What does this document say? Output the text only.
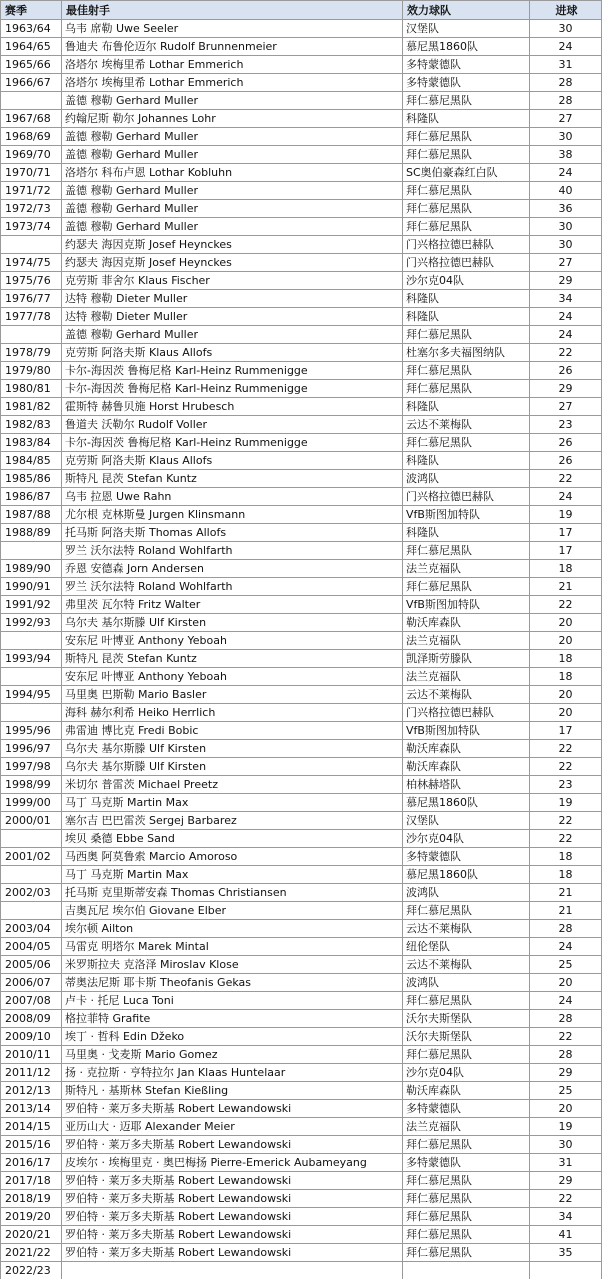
赛季	最佳射手	效力球队	进球
1963/64	乌韦 席勒 Uwe Seeler	汉堡队	30
1964/65	鲁迪夫 布鲁伦迈尔 Rudolf Brunnenmeier	慕尼黑1860队	24
1965/66	洛塔尔 埃梅里希 Lothar Emmerich	多特蒙德队	31
1966/67	洛塔尔 埃梅里希 Lothar Emmerich	多特蒙德队	28
	盖德 穆勒 Gerhard Muller	拜仁慕尼黑队	28
1967/68	约翰尼斯 勒尔 Johannes Lohr	科隆队	27
1968/69	盖德 穆勒 Gerhard Muller	拜仁慕尼黑队	30
1969/70	盖德 穆勒 Gerhard Muller	拜仁慕尼黑队	38
1970/71	洛塔尔 科布卢恩 Lothar Kobluhn	SC奥伯豪森红白队	24
1971/72	盖德 穆勒 Gerhard Muller	拜仁慕尼黑队	40
1972/73	盖德 穆勒 Gerhard Muller	拜仁慕尼黑队	36
1973/74	盖德 穆勒 Gerhard Muller	拜仁慕尼黑队	30
	约瑟夫 海因克斯 Josef Heynckes	门兴格拉德巴赫队	30
1974/75	约瑟夫 海因克斯 Josef Heynckes	门兴格拉德巴赫队	27
1975/76	克劳斯 菲舍尔 Klaus Fischer	沙尔克04队	29
1976/77	达特 穆勒 Dieter Muller	科隆队	34
1977/78	达特 穆勒 Dieter Muller	科隆队	24
	盖德 穆勒 Gerhard Muller	拜仁慕尼黑队	24
1978/79	克劳斯 阿洛夫斯 Klaus Allofs	杜塞尔多夫福图纳队	22
1979/80	卡尔-海因茨 鲁梅尼格 Karl-Heinz Rummenigge	拜仁慕尼黑队	26
1980/81	卡尔-海因茨 鲁梅尼格 Karl-Heinz Rummenigge	拜仁慕尼黑队	29
1981/82	霍斯特 赫鲁贝施 Horst Hrubesch	科隆队	27
1982/83	鲁道夫 沃勒尔 Rudolf Voller	云达不莱梅队	23
1983/84	卡尔-海因茨 鲁梅尼格 Karl-Heinz Rummenigge	拜仁慕尼黑队	26
1984/85	克劳斯 阿洛夫斯 Klaus Allofs	科隆队	26
1985/86	斯特凡 昆茨 Stefan Kuntz	波鸿队	22
1986/87	乌韦 拉恩 Uwe Rahn	门兴格拉德巴赫队	24
1987/88	尤尔根 克林斯曼 Jurgen Klinsmann	VfB斯图加特队	19
1988/89	托马斯 阿洛夫斯 Thomas Allofs	科隆队	17
	罗兰 沃尔法特 Roland Wohlfarth	拜仁慕尼黑队	17
1989/90	乔恩 安德森 Jorn Andersen	法兰克福队	18
1990/91	罗兰 沃尔法特 Roland Wohlfarth	拜仁慕尼黑队	21
1991/92	弗里茨 瓦尔特 Fritz Walter	VfB斯图加特队	22
1992/93	乌尔夫 基尔斯滕 Ulf Kirsten	勒沃库森队	20
	安东尼 叶博亚 Anthony Yeboah	法兰克福队	20
1993/94	斯特凡 昆茨 Stefan Kuntz	凯泽斯劳滕队	18
	安东尼 叶博亚 Anthony Yeboah	法兰克福队	18
1994/95	马里奥 巴斯勒 Mario Basler	云达不莱梅队	20
	海科 赫尔利希 Heiko Herrlich	门兴格拉德巴赫队	20
1995/96	弗雷迪 博比克 Fredi Bobic	VfB斯图加特队	17
1996/97	乌尔夫 基尔斯滕 Ulf Kirsten	勒沃库森队	22
1997/98	乌尔夫 基尔斯滕 Ulf Kirsten	勒沃库森队	22
1998/99	米切尔 普雷茨 Michael Preetz	柏林赫塔队	23
1999/00	马丁 马克斯 Martin Max	慕尼黑1860队	19
2000/01	塞尔吉 巴巴雷茨 Sergej Barbarez	汉堡队	22
	埃贝 桑德 Ebbe Sand	沙尔克04队	22
2001/02	马西奥 阿莫鲁索 Marcio Amoroso	多特蒙德队	18
	马丁 马克斯 Martin Max	慕尼黑1860队	18
2002/03	托马斯 克里斯蒂安森 Thomas Christiansen	波鸿队	21
	吉奥瓦尼 埃尔伯 Giovane Elber	拜仁慕尼黑队	21
2003/04	埃尔顿 Ailton	云达不莱梅队	28
2004/05	马雷克 明塔尔 Marek Mintal	纽伦堡队	24
2005/06	米罗斯拉夫 克洛泽 Miroslav Klose	云达不莱梅队	25
2006/07	蒂奥法尼斯 耶卡斯 Theofanis Gekas	波鸿队	20
2007/08	卢卡 · 托尼 Luca Toni	拜仁慕尼黑队	24
2008/09	格拉菲特 Grafite	沃尔夫斯堡队	28
2009/10	埃丁 · 哲科 Edin Džeko	沃尔夫斯堡队	22
2010/11	马里奥 · 戈麦斯 Mario Gomez	拜仁慕尼黑队	28
2011/12	扬 · 克拉斯 · 亨特拉尔 Jan Klaas Huntelaar	沙尔克04队	29
2012/13	斯特凡 · 基斯林 Stefan Kießling	勒沃库森队	25
2013/14	罗伯特 · 莱万多夫斯基 Robert Lewandowski	多特蒙德队	20
2014/15	亚历山大 · 迈耶 Alexander Meier	法兰克福队	19
2015/16	罗伯特 · 莱万多夫斯基 Robert Lewandowski	拜仁慕尼黑队	30
2016/17	皮埃尔 · 埃梅里克 · 奥巴梅扬 Pierre-Emerick Aubameyang	多特蒙德队	31
2017/18	罗伯特 · 莱万多夫斯基 Robert Lewandowski	拜仁慕尼黑队	29
2018/19	罗伯特 · 莱万多夫斯基 Robert Lewandowski	拜仁慕尼黑队	22
2019/20	罗伯特 · 莱万多夫斯基 Robert Lewandowski	拜仁慕尼黑队	34
2020/21	罗伯特 · 莱万多夫斯基 Robert Lewandowski	拜仁慕尼黑队	41
2021/22	罗伯特 · 莱万多夫斯基 Robert Lewandowski	拜仁慕尼黑队	35
2022/23			
